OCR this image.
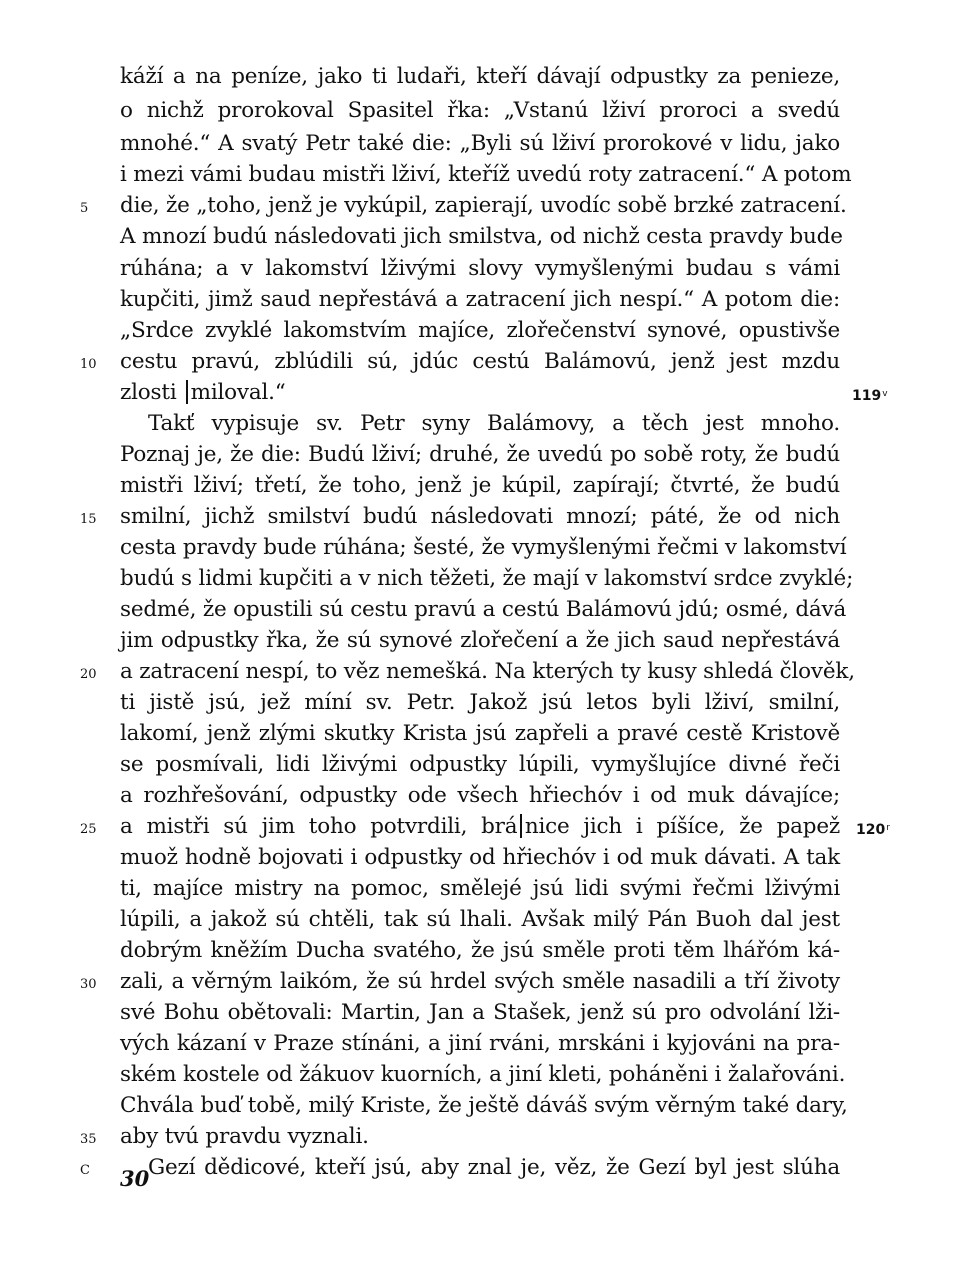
káží a na peníze, jako ti ludaři, kteří dávají odpustky za penieze,
o nichž prorokoval Spasitel řka: „Vstanú lživí proroci a svedú
mnohé.“ A svatý Petr také die: „Byli sú lživí prorokové v lidu, jako
i mezi vámi budau mistři lživí, kteříž uvedú roty zatracení.“ A potom
die, že „toho, jenž je vykúpil, zapierají, uvodíc sobě brzké zatracení.
A mnozí budú následovati jich smilstva, od nichž cesta pravdy bude
rúhána; a v lakomství lživými slovy vymyšlenými budau s vámi
kupčiti, jimž saud nepřestává a zatracení jich nespí.“ A potom die:
„Srdce zvyklé lakomstvím majíce, zlořečenství synové, opustivše
cestu pravú, zblúdili sú, jdúc cestú Balámovú, jenž jest mzdu
zlosti miloval.“
Takť vypisuje sv. Petr syny Balámovy, a těch jest mnoho.
Poznaj je, že die: Budú lživí; druhé, že uvedú po sobě roty, že budú
mistři lživí; třetí, že toho, jenž je kúpil, zapírají; čtvrté, že budú
smilní, jichž smilství budú následovati mnozí; páté, že od nich
cesta pravdy bude rúhána; šesté, že vymyšlenými řečmi v lakomství
budú s lidmi kupčiti a v nich těžeti, že mají v lakomství srdce zvyklé;
sedmé, že opustili sú cestu pravú a cestú Balámovú jdú; osmé, dává
jim odpustky řka, že sú synové zlořečení a že jich saud nepřestává
a zatracení nespí, to věz nemešká. Na kterých ty kusy shledá člověk,
ti jistě jsú, jež míní sv. Petr. Jakož jsú letos byli lživí, smilní,
lakomí, jenž zlými skutky Krista jsú zapřeli a pravé cestě Kristově
se posmívali, lidi lživými odpustky lúpili, vymyšlujíce divné řeči
a rozhřešování, odpustky ode všech hřiechóv i od muk dávajíce;
a mistři sú jim toho potvrdili, brá nice jich i píšíce, že papež
muož hodně bojovati i odpustky od hřiechóv i od muk dávati. A tak
ti, majíce mistry na pomoc, smělejé jsú lidi svými řečmi lživými
lúpili, a jakož sú chtěli, tak sú lhali. Avšak milý Pán Buoh dal jest
dobrým kněžím Ducha svatého, že jsú směle proti těm lhářóm ká-
zali, a věrným laikóm, že sú hrdel svých směle nasadili a tří životy
své Bohu obětovali: Martin, Jan a Stašek, jenž sú pro odvolání lži-
vých kázaní v Praze stínáni, a jiní rváni, mrskáni i kyjováni na pra-
ském kostele od žákuov kuorních, a jiní kleti, poháněni i žalařováni.
Chvála buď tobě, milý Kriste, že ještě dáváš svým věrným také dary,
aby tvú pravdu vyznali.
Gezí dědicové, kteří jsú, aby znal je, věz, že Gezí byl jest slúha
5
10
15
20
25
30
35
C
119$^v$
120$^r$
30
